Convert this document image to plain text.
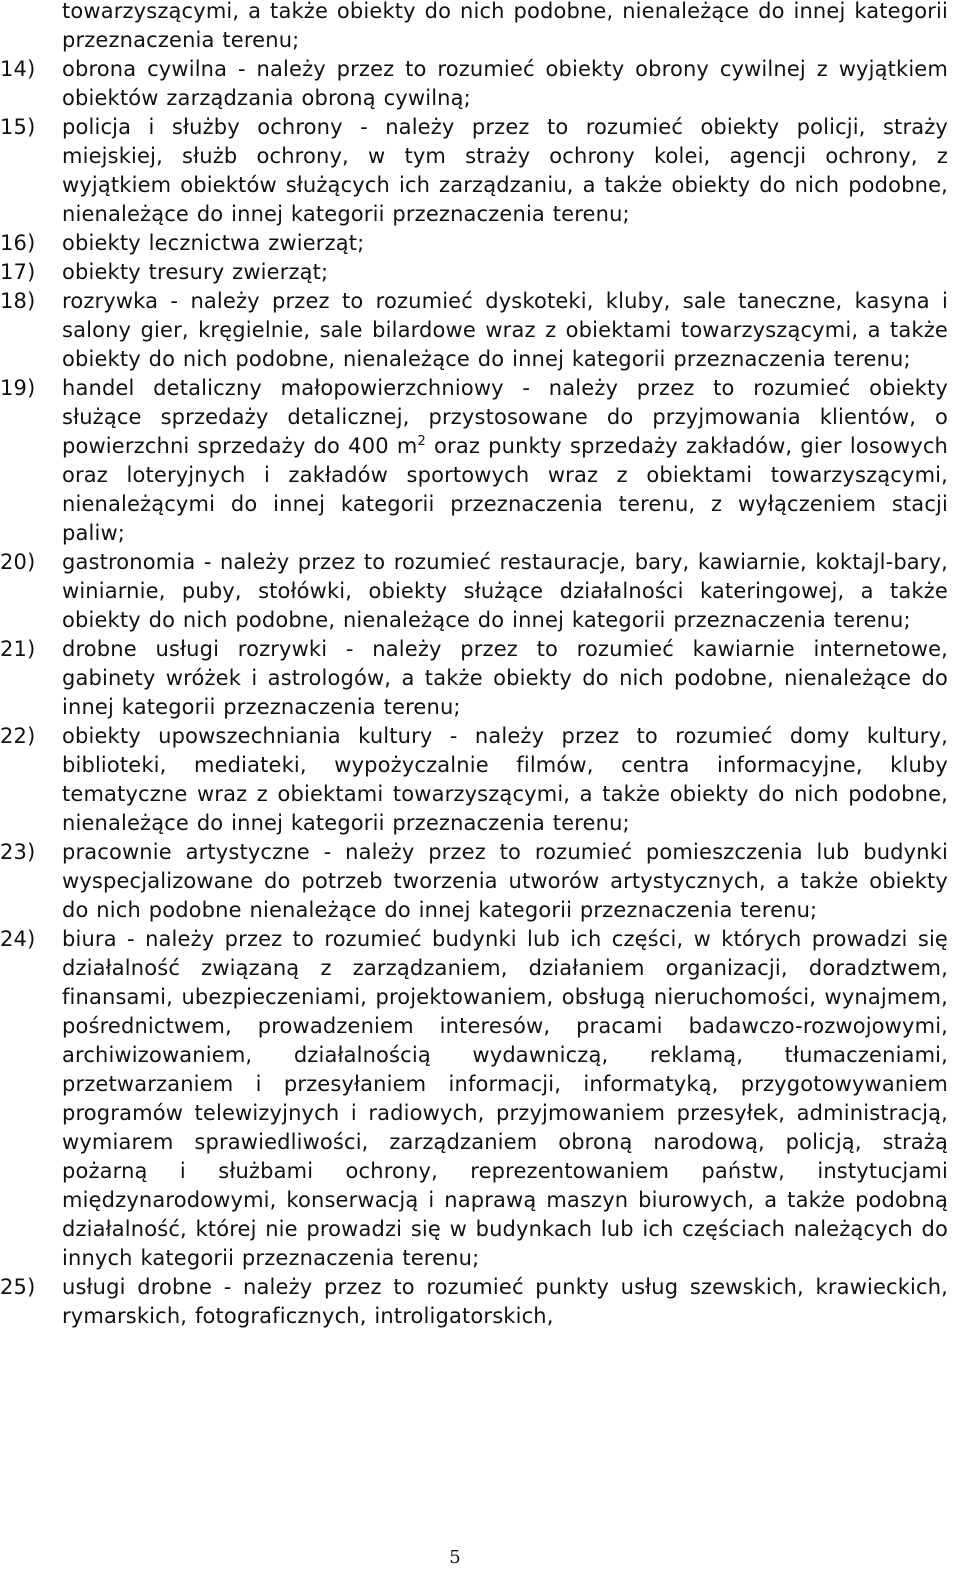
towarzyszącymi, a także obiekty do nich podobne, nienależące do innej kategorii przeznaczenia terenu;
14) obrona cywilna - należy przez to rozumieć obiekty obrony cywilnej z wyjątkiem obiektów zarządzania obroną cywilną;
15) policja i służby ochrony - należy przez to rozumieć obiekty policji, straży miejskiej, służb ochrony, w tym straży ochrony kolei, agencji ochrony, z wyjątkiem obiektów służących ich zarządzaniu, a także obiekty do nich podobne, nienależące do innej kategorii przeznaczenia terenu;
16) obiekty lecznictwa zwierząt;
17) obiekty tresury zwierząt;
18) rozrywka - należy przez to rozumieć dyskoteki, kluby, sale taneczne, kasyna i salony gier, kręgielnie, sale bilardowe wraz z obiektami towarzyszącymi, a także obiekty do nich podobne, nienależące do innej kategorii przeznaczenia terenu;
19) handel detaliczny małopowierzchniowy - należy przez to rozumieć obiekty służące sprzedaży detalicznej, przystosowane do przyjmowania klientów, o powierzchni sprzedaży do 400 $m^2$ oraz punkty sprzedaży zakładów, gier losowych oraz loteryjnych i zakładów sportowych wraz z obiektami towarzyszącymi, nienależącymi do innej kategorii przeznaczenia terenu, z wyłączeniem stacji paliw;
20) gastronomia - należy przez to rozumieć restauracje, bary, kawiarnie, koktajl-bary, winiarnie, puby, stołówki, obiekty służące działalności kateringowej, a także obiekty do nich podobne, nienależące do innej kategorii przeznaczenia terenu;
21) drobne usługi rozrywki - należy przez to rozumieć kawiarnie internetowe, gabinety wróżek i astrologów, a także obiekty do nich podobne, nienależące do innej kategorii przeznaczenia terenu;
22) obiekty upowszechniania kultury - należy przez to rozumieć domy kultury, biblioteki, mediateki, wypożyczalnie filmów, centra informacyjne, kluby tematyczne wraz z obiektami towarzyszącymi, a także obiekty do nich podobne, nienależące do innej kategorii przeznaczenia terenu;
23) pracownie artystyczne - należy przez to rozumieć pomieszczenia lub budynki wyspecjalizowane do potrzeb tworzenia utworów artystycznych, a także obiekty do nich podobne nienależące do innej kategorii przeznaczenia terenu;
24) biura - należy przez to rozumieć budynki lub ich części, w których prowadzi się działalność związaną z zarządzaniem, działaniem organizacji, doradztwem, finansami, ubezpieczeniami, projektowaniem, obsługą nieruchomości, wynajmem, pośrednictwem, prowadzeniem interesów, pracami badawczo-rozwojowymi, archiwizowaniem, działalnością wydawniczą, reklamą, tłumaczeniami, przetwarzaniem i przesyłaniem informacji, informatyką, przygotowywaniem programów telewizyjnych i radiowych, przyjmowaniem przesyłek, administracją, wymiarem sprawiedliwości, zarządzaniem obroną narodową, policją, strażą pożarną i służbami ochrony, reprezentowaniem państw, instytucjami międzynarodowymi, konserwacją i naprawą maszyn biurowych, a także podobną działalność, której nie prowadzi się w budynkach lub ich częściach należących do innych kategorii przeznaczenia terenu;
25) usługi drobne - należy przez to rozumieć punkty usług szewskich, krawieckich, rymarskich, fotograficznych, introligatorskich,
5
